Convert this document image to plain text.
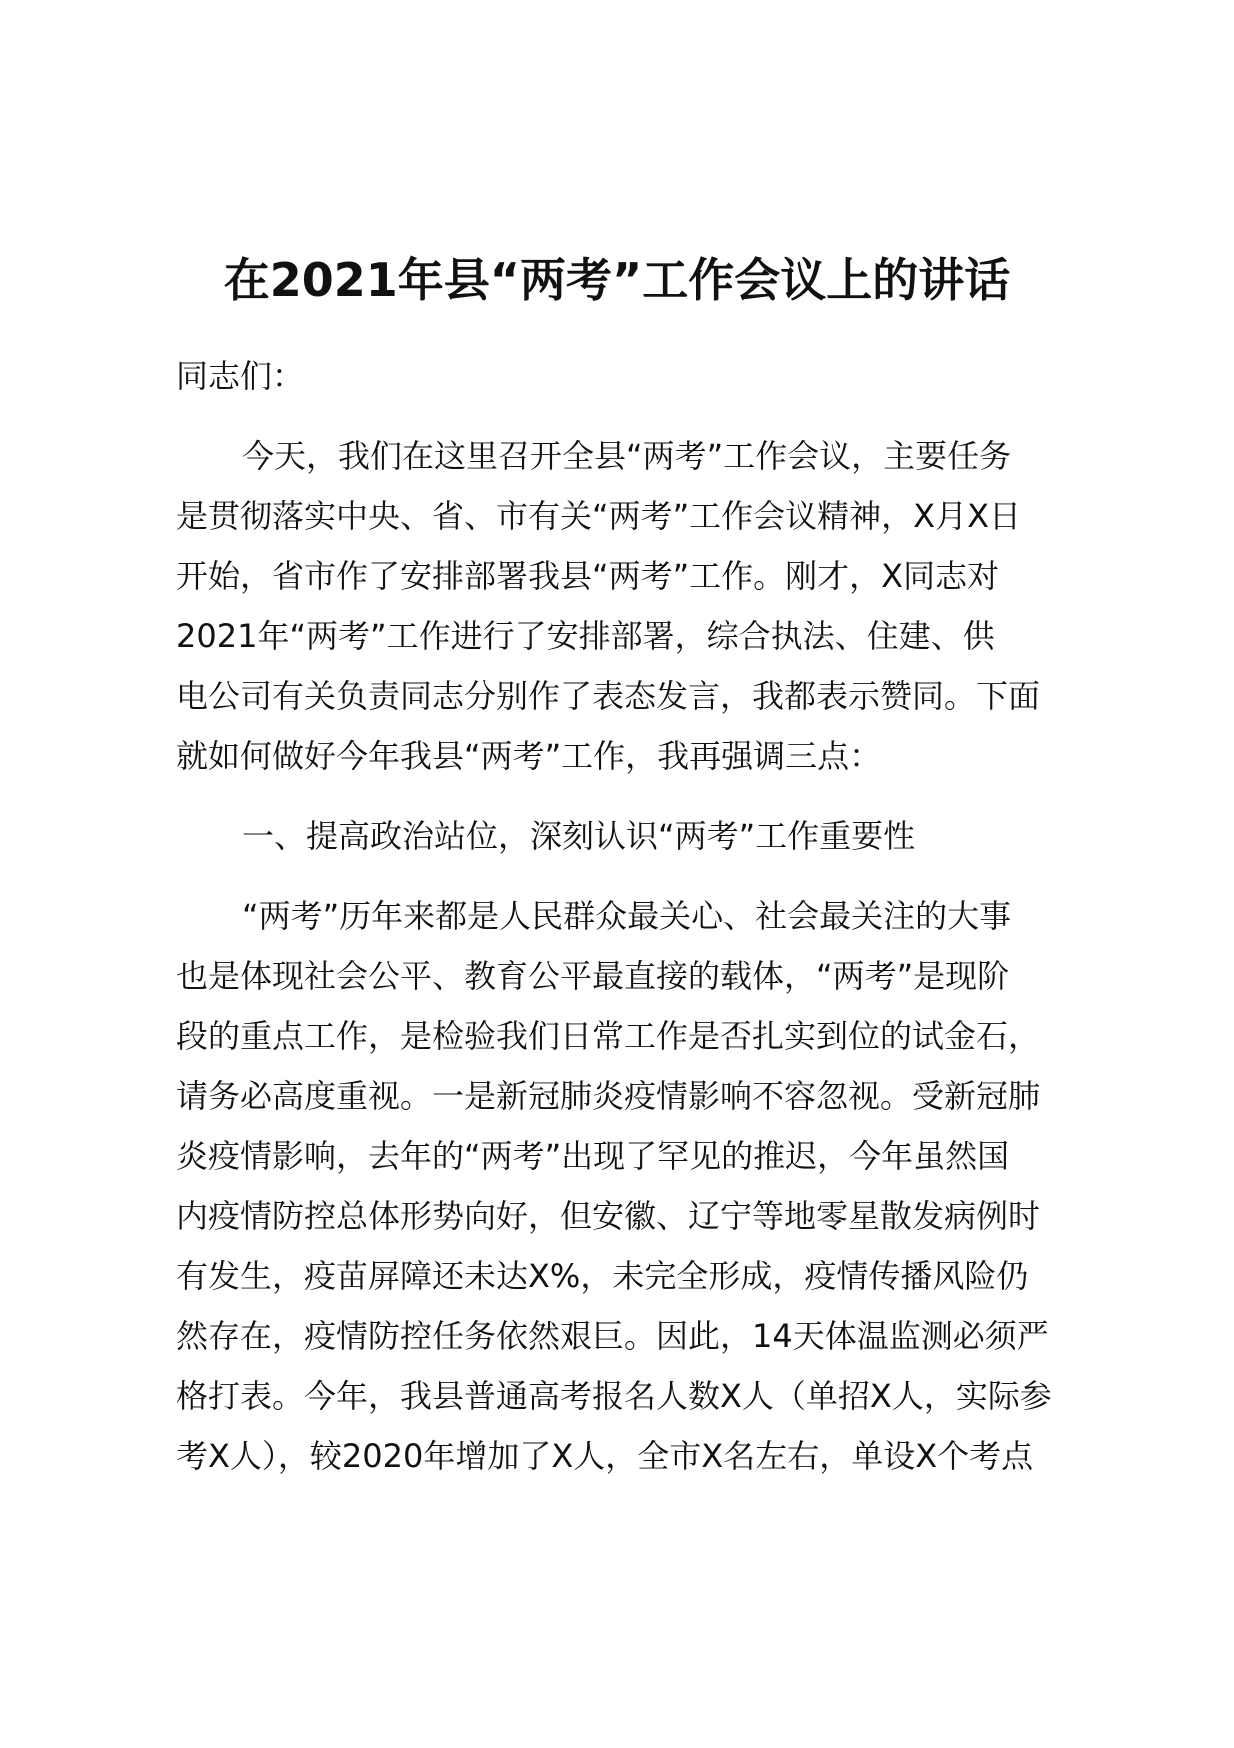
在2021年县“两考”工作会议上的讲话
同志们：
今天，我们在这里召开全县“两考”工作会议，主要任务
是贯彻落实中央、省、市有关“两考”工作会议精神，X月X日
开始，省市作了安排部署我县“两考”工作。刚才，X同志对
2021年“两考”工作进行了安排部署，综合执法、住建、供
电公司有关负责同志分别作了表态发言，我都表示赞同。下面
就如何做好今年我县“两考”工作，我再强调三点：
一、提高政治站位，深刻认识“两考”工作重要性
“两考”历年来都是人民群众最关心、社会最关注的大事
也是体现社会公平、教育公平最直接的载体，“两考”是现阶
段的重点工作，是检验我们日常工作是否扎实到位的试金石，
请务必高度重视。一是新冠肺炎疫情影响不容忽视。受新冠肺
炎疫情影响，去年的“两考”出现了罕见的推迟，今年虽然国
内疫情防控总体形势向好，但安徽、辽宁等地零星散发病例时
有发生，疫苗屏障还未达X%，未完全形成，疫情传播风险仍
然存在，疫情防控任务依然艰巨。因此，14天体温监测必须严
格打表。今年，我县普通高考报名人数X人（单招X人，实际参
考X人），较2020年增加了X人，全市X名左右，单设X个考点
